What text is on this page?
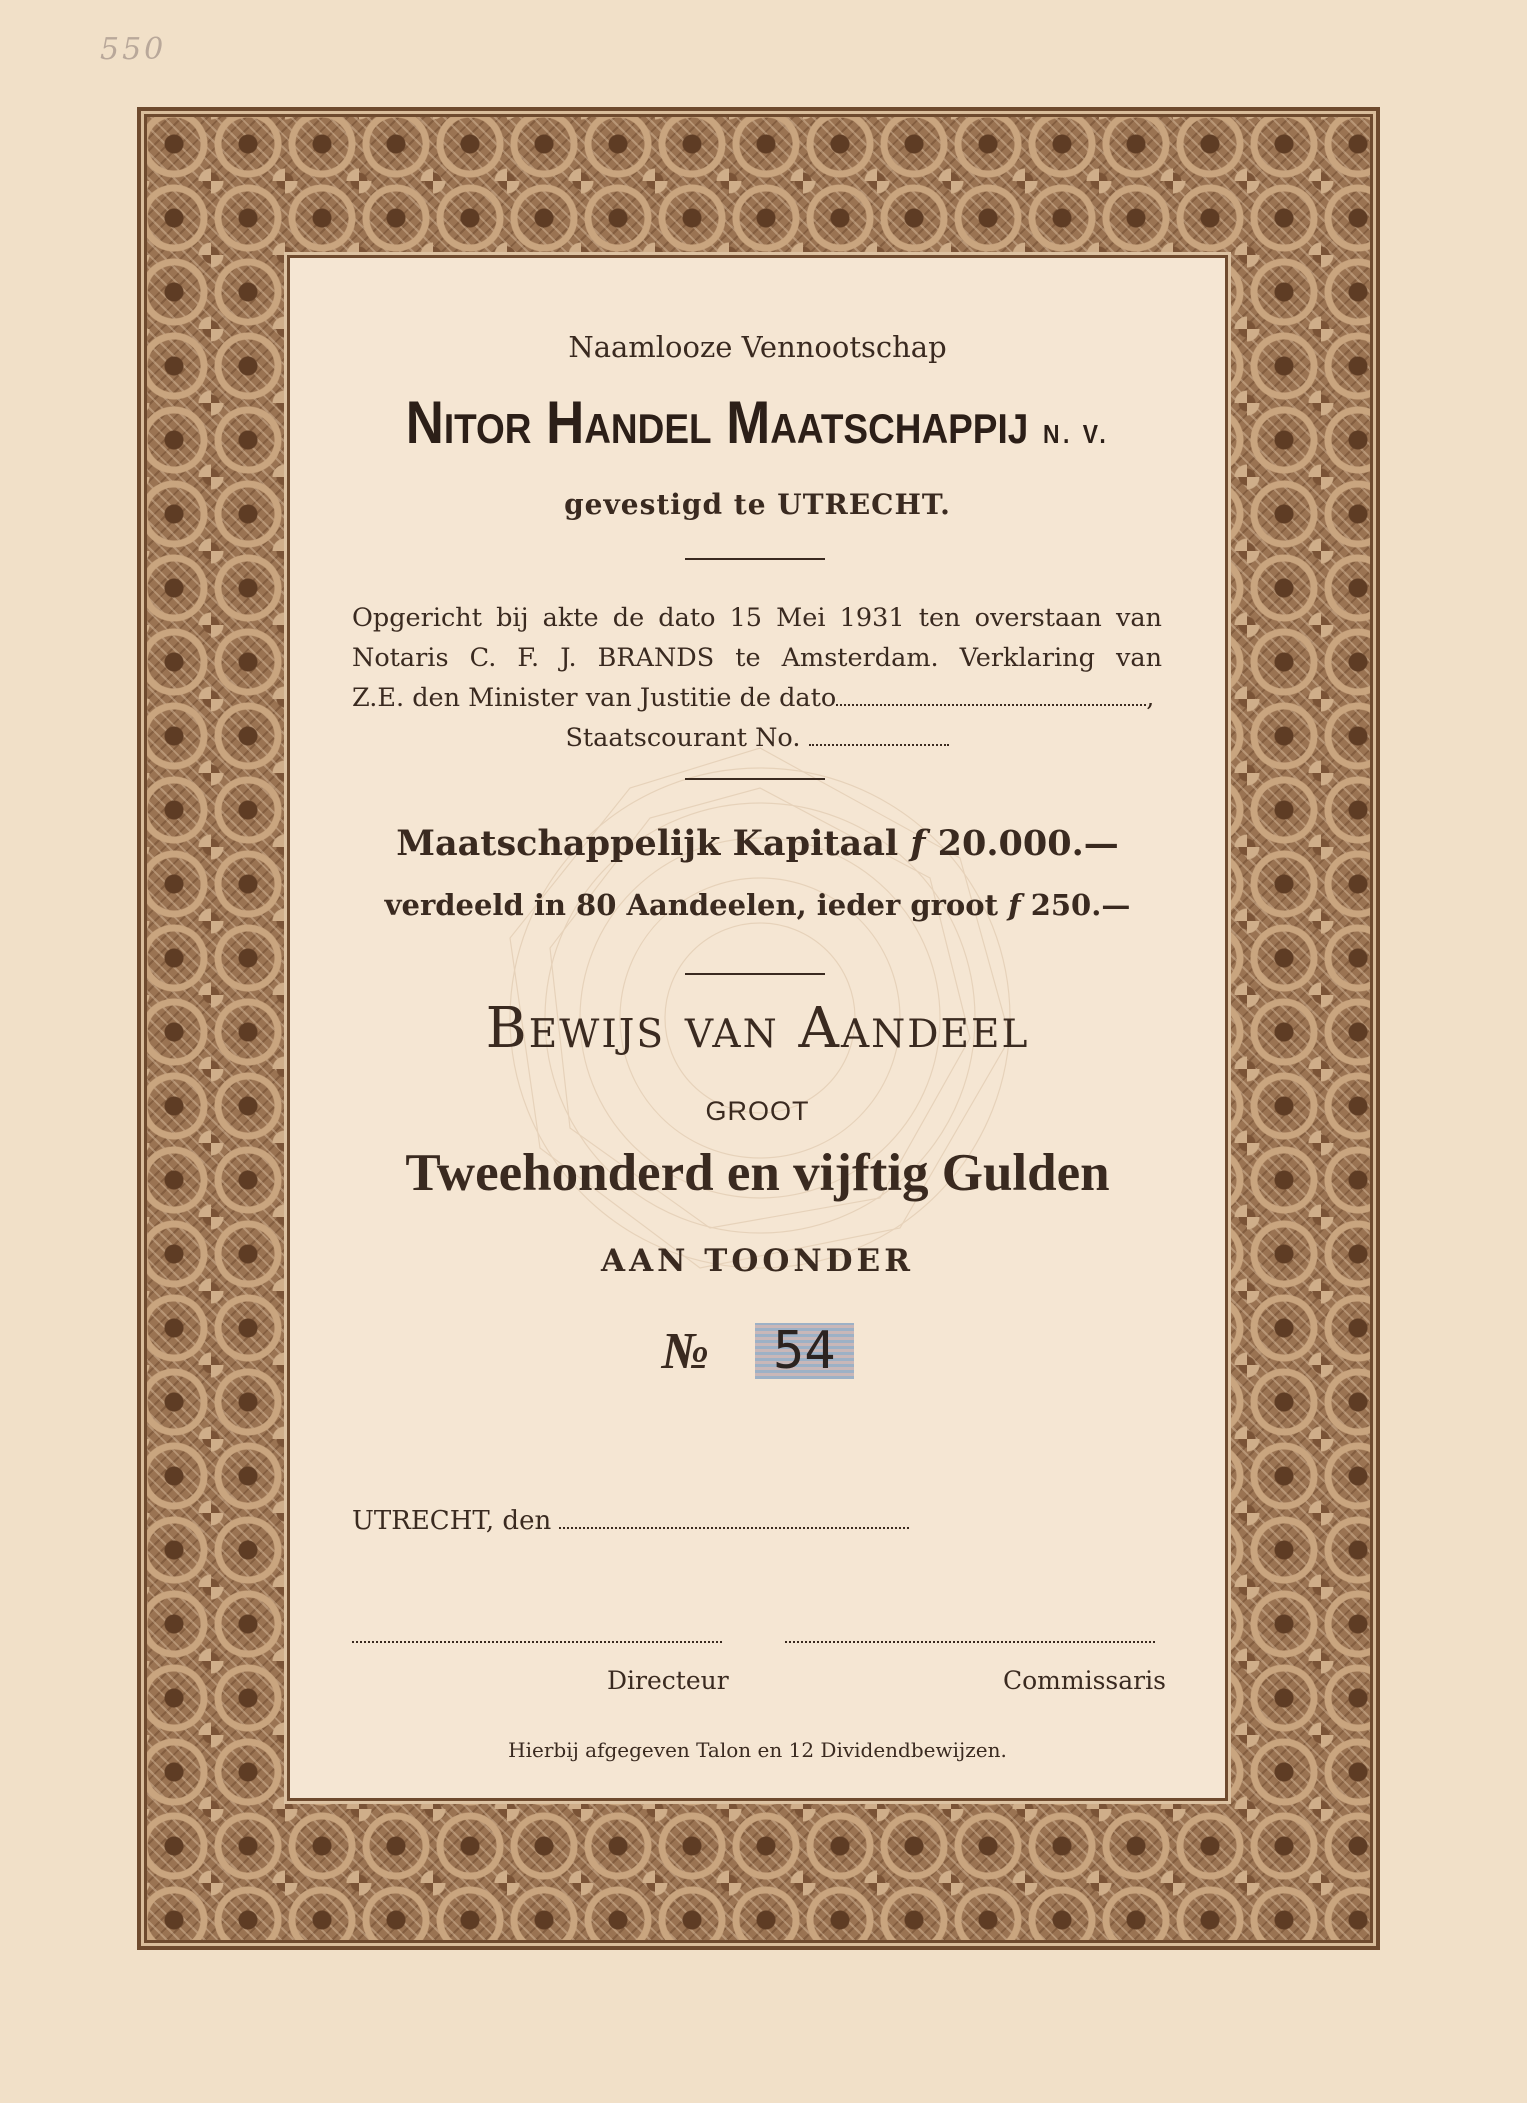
550
Naamlooze Vennootschap
Nitor Handel Maatschappij N. V.
gevestigd te UTRECHT.
Opgericht bij akte de dato 15 Mei 1931 ten overstaan van
Notaris C. F. J. BRANDS te Amsterdam. Verklaring van
Z.E. den Minister van Justitie de dato	,
Staatscourant No.
Maatschappelijk Kapitaal f 20.000.—
verdeeld in 80 Aandeelen, ieder groot f 250.—
Bewijs van Aandeel
GROOT
Tweehonderd en vijftig Gulden
AAN TOONDER
№ 54
UTRECHT, den
Directeur	Commissaris
Hierbij afgegeven Talon en 12 Dividendbewijzen.
